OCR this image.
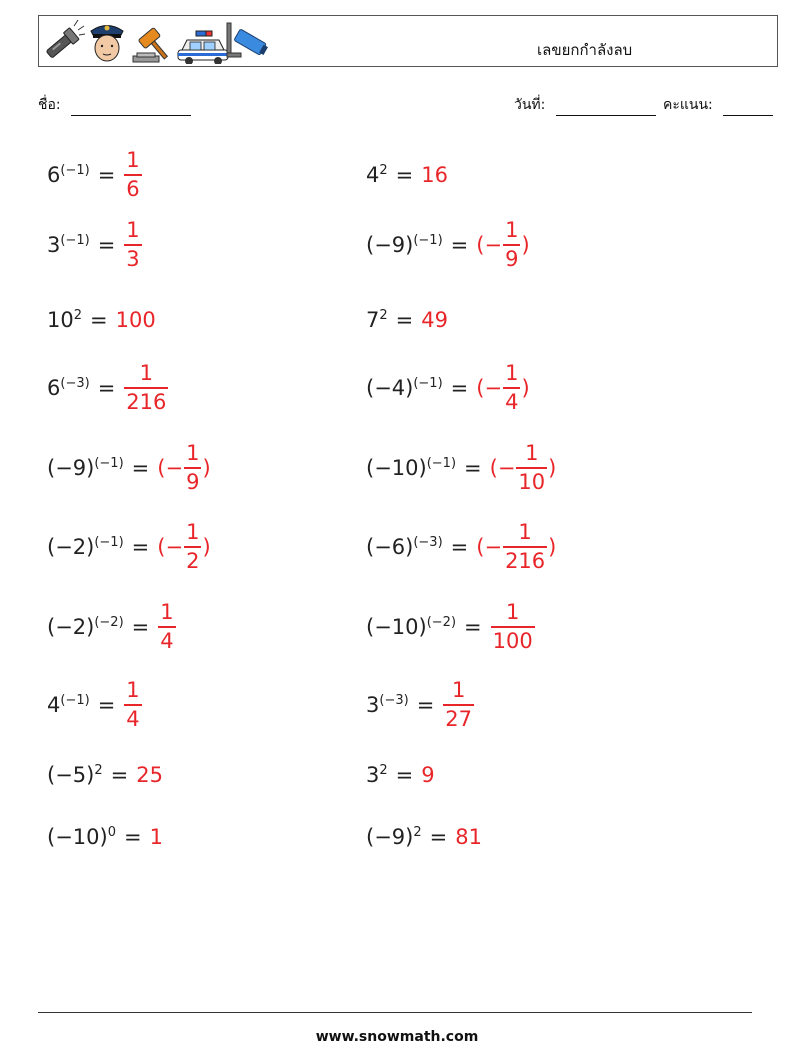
เลขยกกำลังลบ
ชื่อ:	วันที่:	คะแนน:
$6^{(-1)} = \frac{1}{6}$	$4^2 = 16$
$3^{(-1)} = \frac{1}{3}$	$(-9)^{(-1)}$ = (− $\frac{1}{9}$ )
$10^2 = 100$	$7^2 = 49$
$6^{(-3)} = \frac{1}{216}$	$(-4)^{(-1)}$ = (− $\frac{1}{4}$ )
$(-9)^{(-1)}$ = (− $\frac{1}{9}$ )	$(-10)^{(-1)}$ = (− $\frac{1}{10}$ )
$(-2)^{(-1)}$ = (− $\frac{1}{2}$ )	$(-6)^{(-3)}$ = (− $\frac{1}{216}$ )
$(-2)^{(-2)} = \frac{1}{4}$	$(-10)^{(-2)} = \frac{1}{100}$
$4^{(-1)} = \frac{1}{4}$	$3^{(-3)} = \frac{1}{27}$
$(-5)^2 = 25$	$3^2 = 9$
$(-10)^0 = 1$	$(-9)^2 = 81$
www.snowmath.com
